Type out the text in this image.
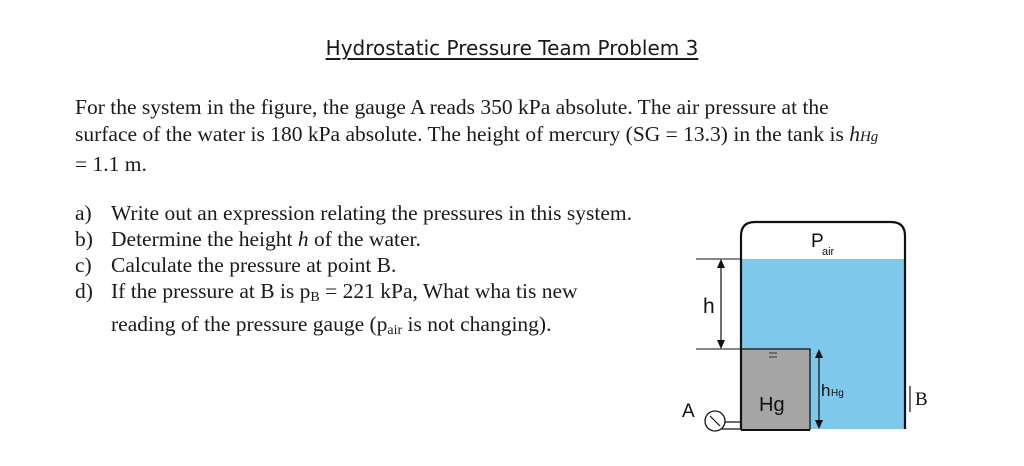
Hydrostatic Pressure Team Problem 3
For the system in the figure, the gauge A reads 350 kPa absolute. The air pressure at the
surface of the water is 180 kPa absolute. The height of mercury (SG = 13.3) in the tank is hHg
= 1.1 m.
a) Write out an expression relating the pressures in this system.
b) Determine the height h of the water.
c) Calculate the pressure at point B.
d) If the pressure at B is $p_B = 221$ kPa, What wha tis new
reading of the pressure gauge ($p_{air}$ is not changing).
P
air
h
h Hg
Hg
A
B
